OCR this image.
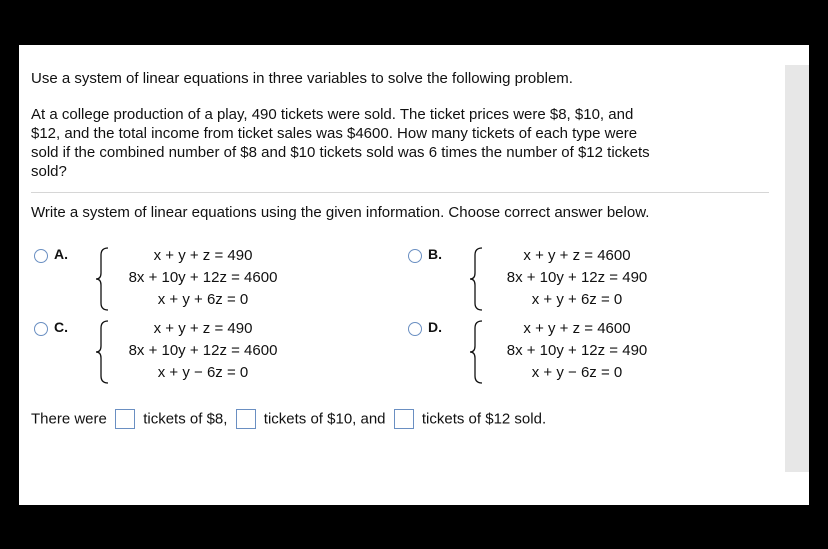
Use a system of linear equations in three variables to solve the following problem.
At a college production of a play, 490 tickets were sold. The ticket prices were $8, $10, and
$12, and the total income from ticket sales was $4600. How many tickets of each type were
sold if the combined number of $8 and $10 tickets sold was 6 times the number of $12 tickets
sold?
Write a system of linear equations using the given information. Choose correct answer below.
A.	x + y + z = 490
8x + 10y + 12z = 4600
x + y + 6z = 0
B.	x + y + z = 4600
8x + 10y + 12z = 490
x + y + 6z = 0
C.	x + y + z = 490
8x + 10y + 12z = 4600
x + y − 6z = 0
D.	x + y + z = 4600
8x + 10y + 12z = 490
x + y − 6z = 0
There were tickets of $8, tickets of $10, and tickets of $12 sold.
